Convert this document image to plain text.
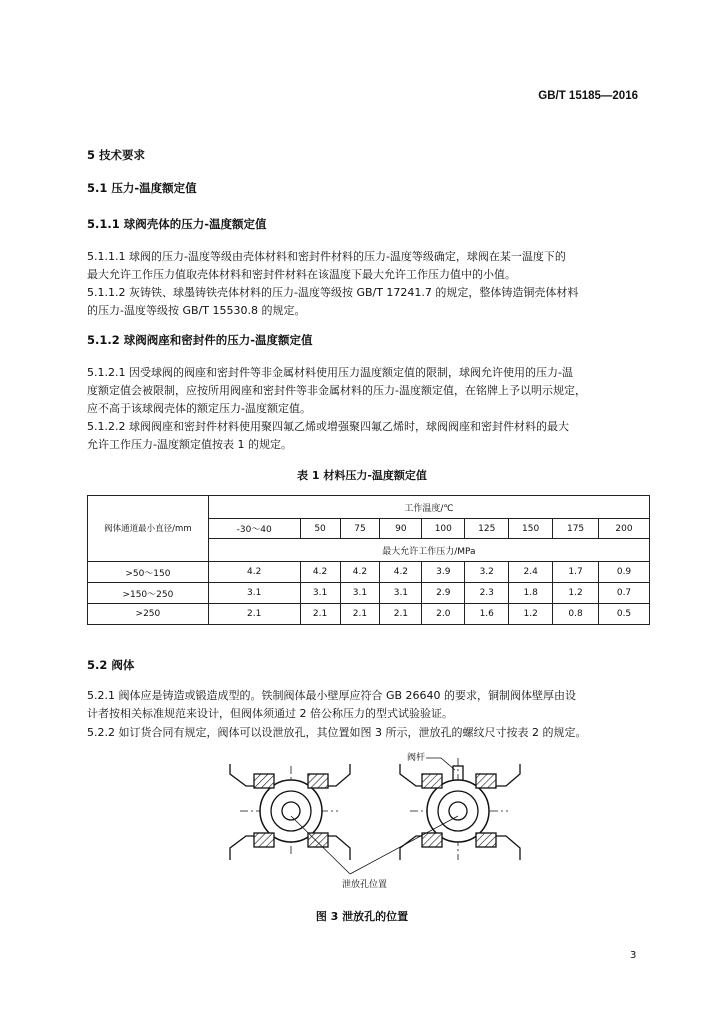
GB/T 15185—2016
5 技术要求
5.1 压力-温度额定值
5.1.1 球阀壳体的压力-温度额定值
5.1.1.1 球阀的压力-温度等级由壳体材料和密封件材料的压力-温度等级确定，球阀在某一温度下的
最大允许工作压力值取壳体材料和密封件材料在该温度下最大允许工作压力值中的小值。
5.1.1.2 灰铸铁、球墨铸铁壳体材料的压力-温度等级按 GB/T 17241.7 的规定，整体铸造铜壳体材料
的压力-温度等级按 GB/T 15530.8 的规定。
5.1.2 球阀阀座和密封件的压力-温度额定值
5.1.2.1 因受球阀的阀座和密封件等非金属材料使用压力温度额定值的限制，球阀允许使用的压力-温
度额定值会被限制，应按所用阀座和密封件等非金属材料的压力-温度额定值，在铭牌上予以明示规定，
应不高于该球阀壳体的额定压力-温度额定值。
5.1.2.2 球阀阀座和密封件材料使用聚四氟乙烯或增强聚四氟乙烯时，球阀阀座和密封件材料的最大
允许工作压力-温度额定值按表 1 的规定。
表 1 材料压力-温度额定值
阀体通道最小直径/mm	工作温度/℃								
	-30～40	50	75	90	100	125	150	175	200
	最大允许工作压力/MPa								
>50～150	4.2	4.2	4.2	4.2	3.9	3.2	2.4	1.7	0.9
>150～250	3.1	3.1	3.1	3.1	2.9	2.3	1.8	1.2	0.7
>250	2.1	2.1	2.1	2.1	2.0	1.6	1.2	0.8	0.5
阀杆
泄放孔位置
图 3 泄放孔的位置
3
5.2 阀体
5.2.1 阀体应是铸造或锻造成型的。铁制阀体最小壁厚应符合 GB 26640 的要求，铜制阀体壁厚由设
计者按相关标准规范来设计，但阀体须通过 2 倍公称压力的型式试验验证。
5.2.2 如订货合同有规定，阀体可以设泄放孔，其位置如图 3 所示，泄放孔的螺纹尺寸按表 2 的规定。
